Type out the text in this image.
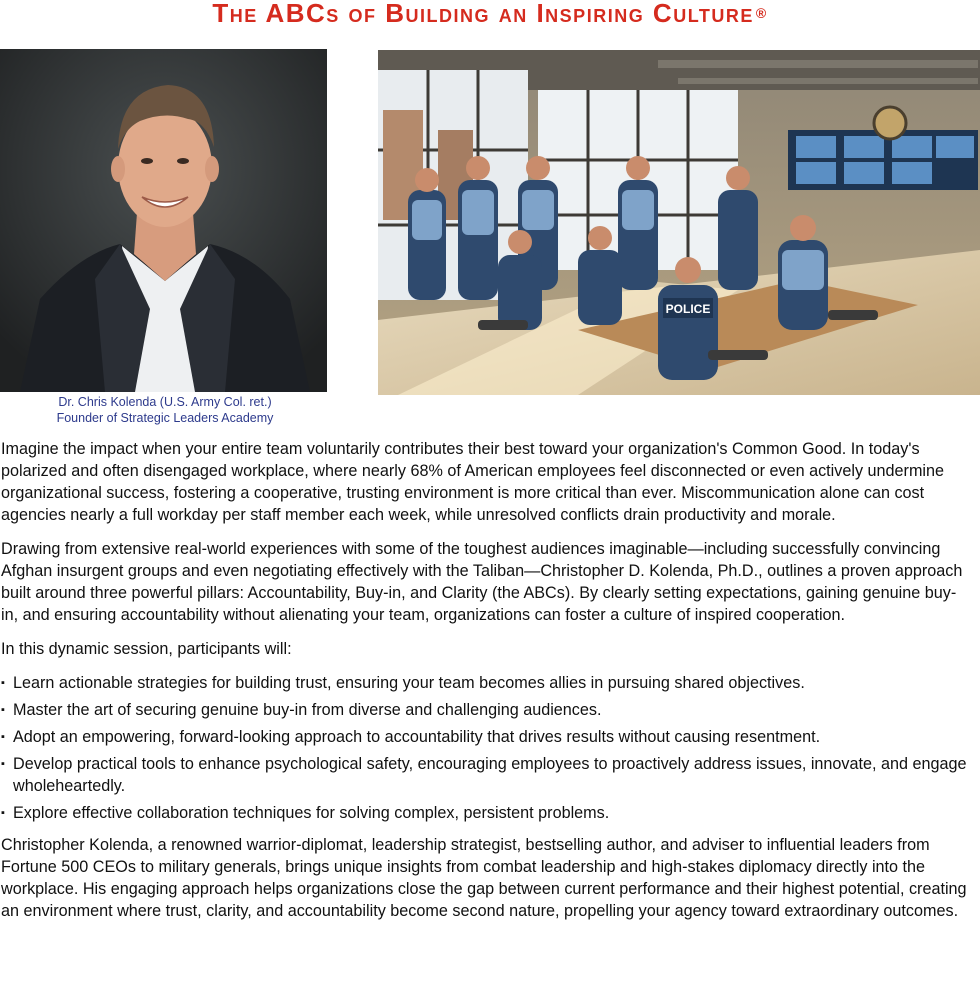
The ABCs of Building an Inspiring Culture ®
Dr. Chris Kolenda (U.S. Army Col. ret.)
Founder of Strategic Leaders Academy
POLICE

Imagine the impact when your entire team voluntarily contributes their best toward your organization's Common Good. In today's polarized and often disengaged workplace, where nearly 68% of American employees feel disconnected or even actively undermine organizational success, fostering a cooperative, trusting environment is more critical than ever. Miscommunication alone can cost agencies nearly a full workday per staff member each week, while unresolved conflicts drain productivity and morale.

Drawing from extensive real-world experiences with some of the toughest audiences imaginable—including successfully convincing Afghan insurgent groups and even negotiating effectively with the Taliban—Christopher D. Kolenda, Ph.D., outlines a proven approach built around three powerful pillars: Accountability, Buy-in, and Clarity (the ABCs). By clearly setting expectations, gaining genuine buy-in, and ensuring accountability without alienating your team, organizations can foster a culture of inspired cooperation.

In this dynamic session, participants will:

▪ Learn actionable strategies for building trust, ensuring your team becomes allies in pursuing shared objectives.
▪ Master the art of securing genuine buy-in from diverse and challenging audiences.
▪ Adopt an empowering, forward-looking approach to accountability that drives results without causing resentment.
▪ Develop practical tools to enhance psychological safety, encouraging employees to proactively address issues, innovate, and engage wholeheartedly.
▪ Explore effective collaboration techniques for solving complex, persistent problems.

Christopher Kolenda, a renowned warrior-diplomat, leadership strategist, bestselling author, and adviser to influential leaders from Fortune 500 CEOs to military generals, brings unique insights from combat leadership and high-stakes diplomacy directly into the workplace. His engaging approach helps organizations close the gap between current performance and their highest potential, creating an environment where trust, clarity, and accountability become second nature, propelling your agency toward extraordinary outcomes.
